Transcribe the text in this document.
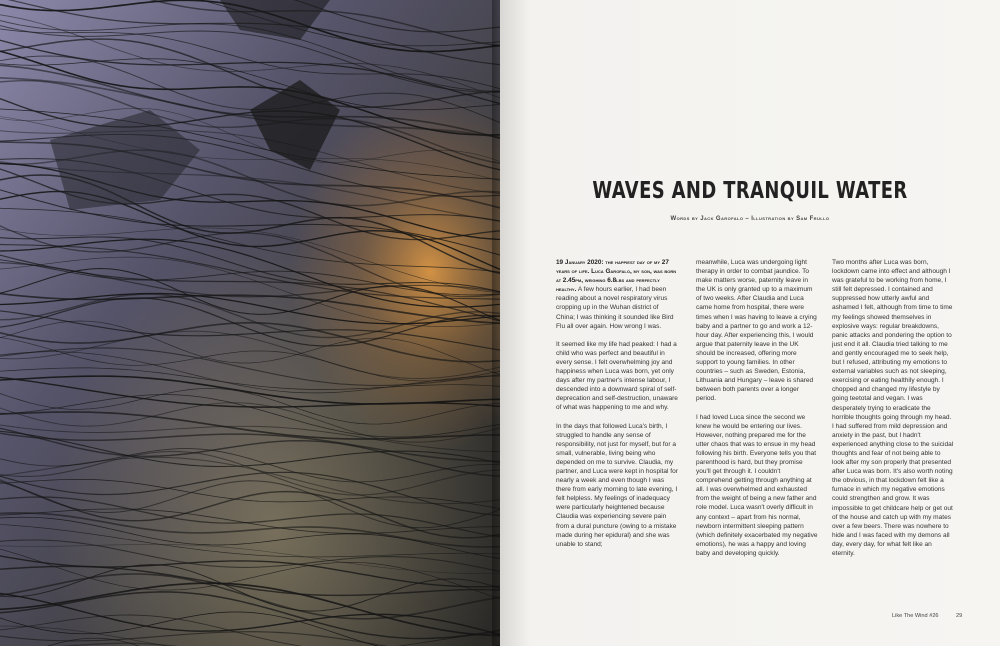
WAVES AND TRANQUIL WATER
Words by Jack Garofalo – Illustration by Sam Frullo

19 January 2020: the happiest day of my 27 years of life. Luca Garofalo, my son, was born at 2.45pm, weighing 6.8lbs and perfectly healthy. A few hours earlier, I had been reading about a novel respiratory virus cropping up in the Wuhan district of China; I was thinking it sounded like Bird Flu all over again. How wrong I was.

It seemed like my life had peaked: I had a child who was perfect and beautiful in every sense. I felt overwhelming joy and happiness when Luca was born, yet only days after my partner's intense labour, I descended into a downward spiral of self-deprecation and self-destruction, unaware of what was happening to me and why.

In the days that followed Luca's birth, I struggled to handle any sense of responsibility, not just for myself, but for a small, vulnerable, living being who depended on me to survive. Claudia, my partner, and Luca were kept in hospital for nearly a week and even though I was there from early morning to late evening, I felt helpless. My feelings of inadequacy were particularly heightened because Claudia was experiencing severe pain from a dural puncture (owing to a mistake made during her epidural) and she was unable to stand;

meanwhile, Luca was undergoing light therapy in order to combat jaundice. To make matters worse, paternity leave in the UK is only granted up to a maximum of two weeks. After Claudia and Luca came home from hospital, there were times when I was having to leave a crying baby and a partner to go and work a 12-hour day. After experiencing this, I would argue that paternity leave in the UK should be increased, offering more support to young families. In other countries – such as Sweden, Estonia, Lithuania and Hungary – leave is shared between both parents over a longer period.

I had loved Luca since the second we knew he would be entering our lives. However, nothing prepared me for the utter chaos that was to ensue in my head following his birth. Everyone tells you that parenthood is hard, but they promise you'll get through it. I couldn't comprehend getting through anything at all. I was overwhelmed and exhausted from the weight of being a new father and role model. Luca wasn't overly difficult in any context – apart from his normal, newborn intermittent sleeping pattern (which definitely exacerbated my negative emotions), he was a happy and loving baby and developing quickly.

Two months after Luca was born, lockdown came into effect and although I was grateful to be working from home, I still felt depressed. I contained and suppressed how utterly awful and ashamed I felt, although from time to time my feelings showed themselves in explosive ways: regular breakdowns, panic attacks and pondering the option to just end it all. Claudia tried talking to me and gently encouraged me to seek help, but I refused, attributing my emotions to external variables such as not sleeping, exercising or eating healthily enough. I chopped and changed my lifestyle by going teetotal and vegan. I was desperately trying to eradicate the horrible thoughts going through my head. I had suffered from mild depression and anxiety in the past, but I hadn't experienced anything close to the suicidal thoughts and fear of not being able to look after my son properly that presented after Luca was born. It's also worth noting the obvious, in that lockdown felt like a furnace in which my negative emotions could strengthen and grow. It was impossible to get childcare help or get out of the house and catch up with my mates over a few beers. There was nowhere to hide and I was faced with my demons all day, every day, for what felt like an eternity.

Like The Wind #26	29
